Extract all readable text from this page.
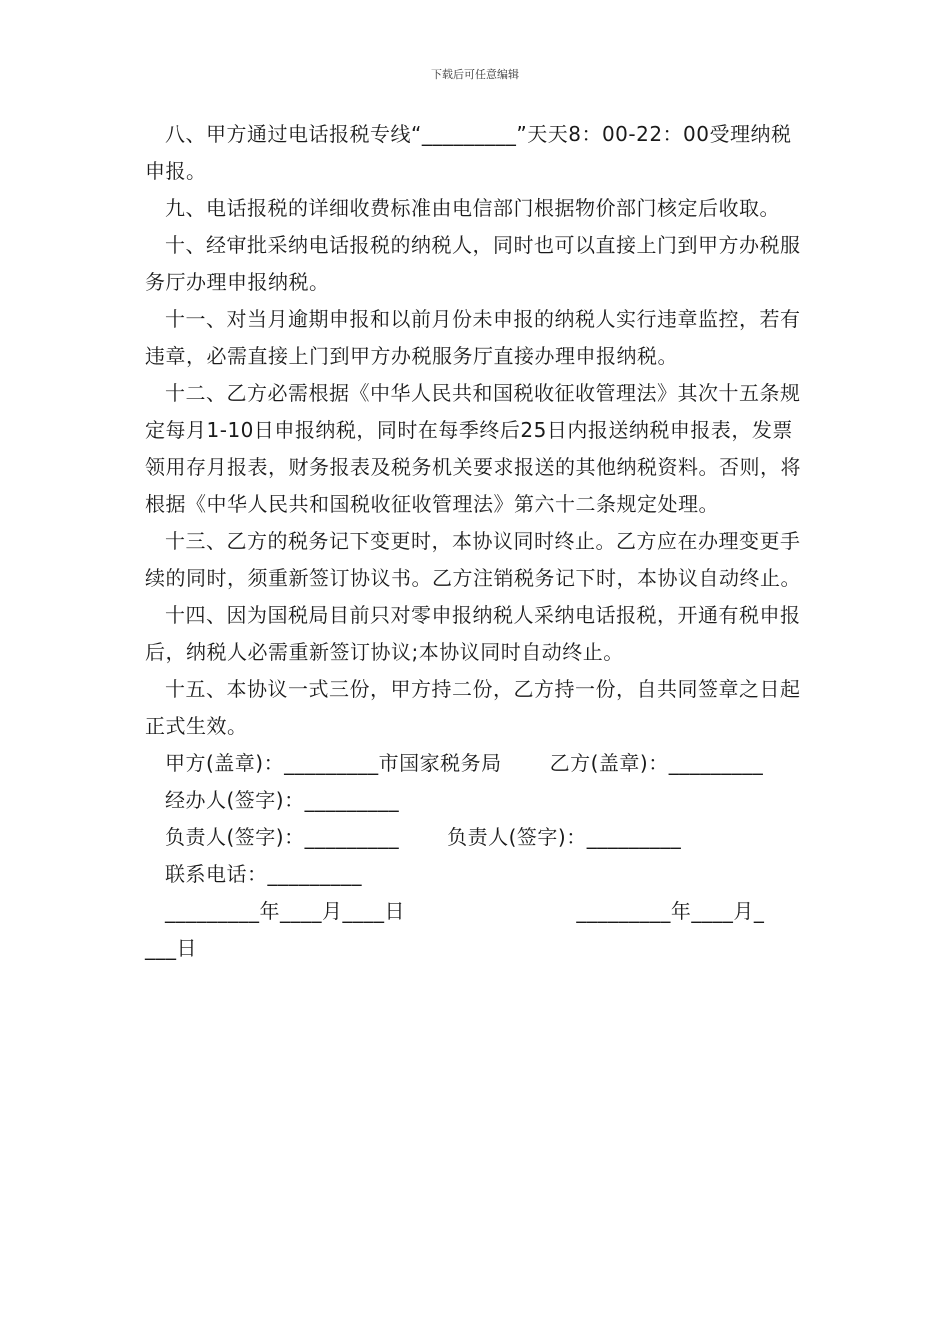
下载后可任意编辑

八、甲方通过电话报税专线“_________”天天8：00-22：00受理纳税申报。

九、电话报税的详细收费标准由电信部门根据物价部门核定后收取。

十、经审批采纳电话报税的纳税人，同时也可以直接上门到甲方办税服务厅办理申报纳税。

十一、对当月逾期申报和以前月份未申报的纳税人实行违章监控，若有违章，必需直接上门到甲方办税服务厅直接办理申报纳税。

十二、乙方必需根据《中华人民共和国税收征收管理法》其次十五条规定每月1-10日申报纳税，同时在每季终后25日内报送纳税申报表，发票领用存月报表，财务报表及税务机关要求报送的其他纳税资料。否则，将根据《中华人民共和国税收征收管理法》第六十二条规定处理。

十三、乙方的税务记下变更时，本协议同时终止。乙方应在办理变更手续的同时，须重新签订协议书。乙方注销税务记下时，本协议自动终止。

十四、因为国税局目前只对零申报纳税人采纳电话报税，开通有税申报后，纳税人必需重新签订协议;本协议同时自动终止。

十五、本协议一式三份，甲方持二份，乙方持一份，自共同签章之日起正式生效。

甲方(盖章)：_________市国家税务局       乙方(盖章)：_________

经办人(签字)：_________

负责人(签字)：_________       负责人(签字)：_________

联系电话：_________

_________年____月____日                         _________年____月_

___日
